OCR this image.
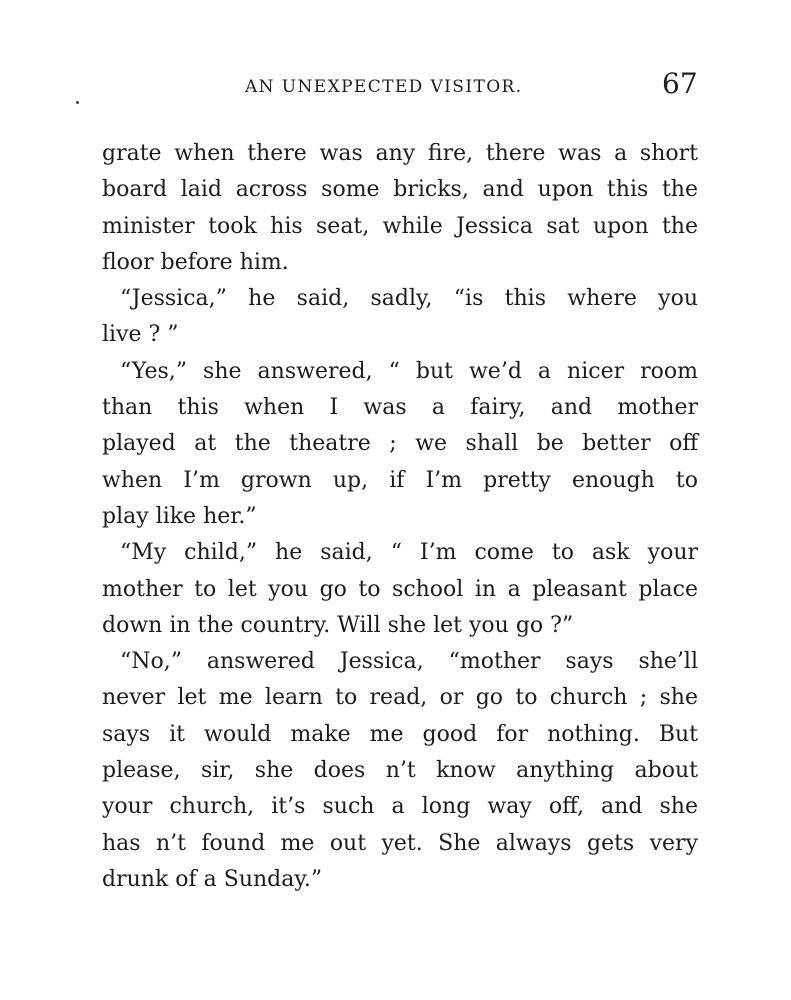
AN UNEXPECTED VISITOR.	67
grate when there was any fire, there was a short
board laid across some bricks, and upon this the
minister took his seat, while Jessica sat upon the
floor before him.
“Jessica,” he said, sadly, “is this where you
live ? ”
“Yes,” she answered, “ but we’d a nicer room
than this when I was a fairy, and mother
played at the theatre ; we shall be better off
when I’m grown up, if I’m pretty enough to
play like her.”
“My child,” he said, “ I’m come to ask your
mother to let you go to school in a pleasant place
down in the country. Will she let you go ?”
“No,” answered Jessica, “mother says she’ll
never let me learn to read, or go to church ; she
says it would make me good for nothing. But
please, sir, she does n’t know anything about
your church, it’s such a long way off, and she
has n’t found me out yet. She always gets very
drunk of a Sunday.”
